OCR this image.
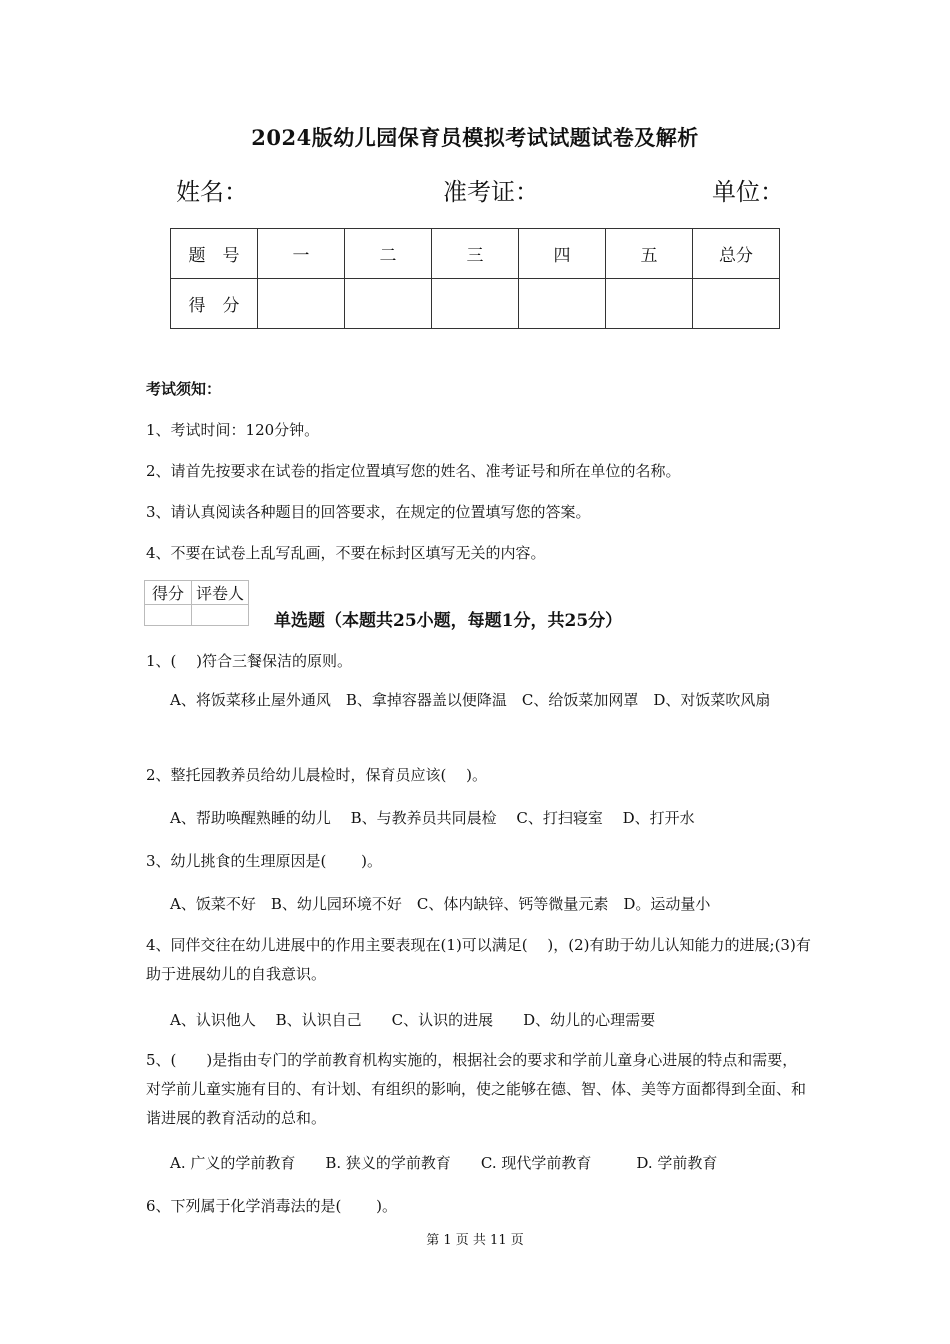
2024版幼儿园保育员模拟考试试题试卷及解析
姓名：	准考证：	单位：
题　号	一	二	三	四	五	总分
得　分						
考试须知：
1、考试时间：120分钟。
2、请首先按要求在试卷的指定位置填写您的姓名、准考证号和所在单位的名称。
3、请认真阅读各种题目的回答要求，在规定的位置填写您的答案。
4、不要在试卷上乱写乱画，不要在标封区填写无关的内容。
得分	评卷人

单选题（本题共25小题，每题1分，共25分）
1、(　 )符合三餐保洁的原则。
A、将饭菜移止屋外通风　B、拿掉容器盖以便降温　C、给饭菜加网罩　D、对饭菜吹风扇
2、整托园教养员给幼儿晨检时，保育员应该(　 )。
A、帮助唤醒熟睡的幼儿　 B、与教养员共同晨检　 C、打扫寝室　 D、打开水
3、幼儿挑食的生理原因是(　　 )。
A、饭菜不好　B、幼儿园环境不好　C、体内缺锌、钙等微量元素　D。运动量小
4、同伴交往在幼儿进展中的作用主要表现在(1)可以满足(　 )，(2)有助于幼儿认知能力的进展;(3)有助于进展幼儿的自我意识。
A、认识他人　 B、认识自己　　C、认识的进展　　D、幼儿的心理需要
5、(　　)是指由专门的学前教育机构实施的，根据社会的要求和学前儿童身心进展的特点和需要，对学前儿童实施有目的、有计划、有组织的影响，使之能够在德、智、体、美等方面都得到全面、和谐进展的教育活动的总和。
A. 广义的学前教育　　B. 狭义的学前教育　　C. 现代学前教育　　　D. 学前教育
6、下列属于化学消毒法的是(　　 )。
第 1 页 共 11 页
